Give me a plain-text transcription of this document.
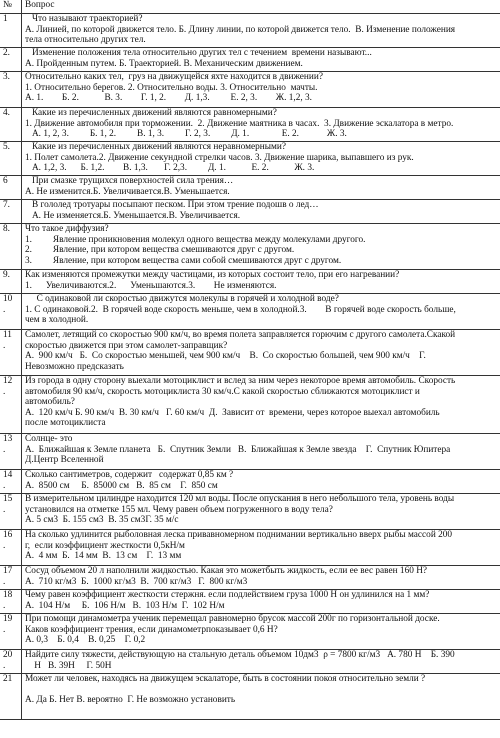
№	Вопрос
1	Что называют траекторией?
А. Линией, по которой движется тело. Б. Длину линии, по которой движется тело.  В. Изменение положения
тела относительно других тел.

2.	Изменение положения тела относительно других тел с течением  времени называют...
А. Пройденным путем. Б. Траекторией. В. Механическим движением.

3.	Относительно каких тел,  груз на движущейся яхте находится в движении?
1. Относительно берегов. 2. Относительно воды. 3. Относительно  мачты.
А. 1.        Б. 2.           В. 3.        Г. 1, 2.        Д. 1,3.         Е. 2, 3.        Ж. 1,2, 3.

4.	Какие из перечисленных движений являются равномерными?
1. Движение автомобиля при торможении.  2. Движение маятника в часах.  3. Движение эскалатора в метро.
А. 1, 2, 3.         Б. 1, 2.         В. 1, 3.         Г. 2, 3.         Д. 1.              Е. 2.            Ж. 3.

5.	Какие из перечисленных движений являются неравномерными?
1. Полет самолета.2. Движение секундной стрелки часов. 3. Движение шарика, выпавшего из рук.
А. 1,2, 3.      Б. 1,2.        В. 1,3.       Г. 2,3.         Д. 1.           Е. 2.           Ж. 3.

6	При смазке трущихся поверхностей сила трения…
А. Не изменится.Б. Увеличивается.В. Уменьшается.

7.	В гололед тротуары посыпают песком. При этом трение подошв о лед…
А. Не изменяется.Б. Уменьшается.В. Увеличивается.

8.	Что такое диффузия?
1.         Явление проникновения молекул одного вещества между молекулами другого.
2.         Явление, при котором вещества смешиваются друг с другом.
3.         Явление, при котором вещества сами собой смешиваются друг с другом.

9.	Как изменяются промежутки между частицами, из которых состоит тело, при его нагревании?
1.      Увеличиваются.2.      Уменьшаются.3.        Не изменяются.

10
.	С одинаковой ли скоростью движутся молекулы в горячей и холодной воде?
1. С одинаковой.2.  В горячей воде скорость меньше, чем в холодной.3.        В горячей воде скорость больше,
чем в холодной.

11
.	Самолет, летящий со скоростью 900 км/ч, во время полета заправляется горючим с другого самолета.Скакой
скоростью движется при этом самолет-заправщик?
А.  900 км/ч   Б.  Со скоростью меньшей, чем 900 км/ч    В.  Со скоростью большей, чем 900 км/ч    Г.
Невозможно предсказать

12
.	Из города в одну сторону выехали мотоциклист и вслед за ним через некоторое время автомобиль. Скорость
автомобиля 90 км/ч, скорость мотоциклиста 30 км/ч.С какой скоростью сближаются мотоциклист и
автомобиль?
А.  120 км/ч Б. 90 км/ч  В. 30 км/ч   Г. 60 км/ч  Д.  Зависит от  времени, через которое выехал автомобиль
после мотоциклиста

13
.	Солнце- это
А.  Ближайшая к Земле планета   Б.  Спутник Земли   В.  Ближайшая к Земле звезда    Г.  Спутник Юпитера
Д.Центр Вселенной

14
.	Сколько сантиметров, содержит   содержат 0,85 км ?
А.  8500 см     Б.  85000 см   В.  85 см    Г.  850 см

15
.	В измерительном цилиндре находится 120 мл воды. После опускания в него небольшого тела, уровень воды
установился на отметке 155 мл. Чему равен объем погруженного в воду тела?
А. 5 см3  Б. 155 см3  В. 35 см3Г. 35 м/с

16
.	На сколько удлинится рыболовная леска привавномерном поднимании вертикально вверх рыбы массой 200
г,  если коэффициент жесткости 0,5кН/м
А.  4 мм  Б.  14 мм  В.  13 см    Г.  13 мм

17
.	Сосуд объемом 20 л наполнили жидкостью. Какая это можетбыть жидкость, если ее вес равен 160 Н?
А.  710 кг/м3  Б.  1000 кг/м3  В.  700 кг/м3   Г.  800 кг/м3

18
.	Чему равен коэффициент жесткости стержня. если подлействием груза 1000 Н он удлинился на 1 мм?
А.  104 Н/м     Б.  106 Н/м   В.  103 Н/м  Г.  102 Н/м

19
.	При помощи динамометра ученик перемещал равномерно брусок массой 200г по горизонтальной доске.
Каков коэффициент трения, если динамометрпоказывает 0,6 Н?
А. 0,3    Б. 0,4    В. 0,25    Г. 0,2

20
.	Найдите силу тяжести, действующую на стальную деталь объемом 10дм3  ρ = 7800 кг/м3   А. 780 Н    Б. 390
Н   В. 39Н     Г. 50Н

21	Может ли человек, находясь на движущем эскалаторе, быть в состоянии покоя относительно земли ?

А. Да Б. Нет В. вероятно  Г. Не возможно установить
